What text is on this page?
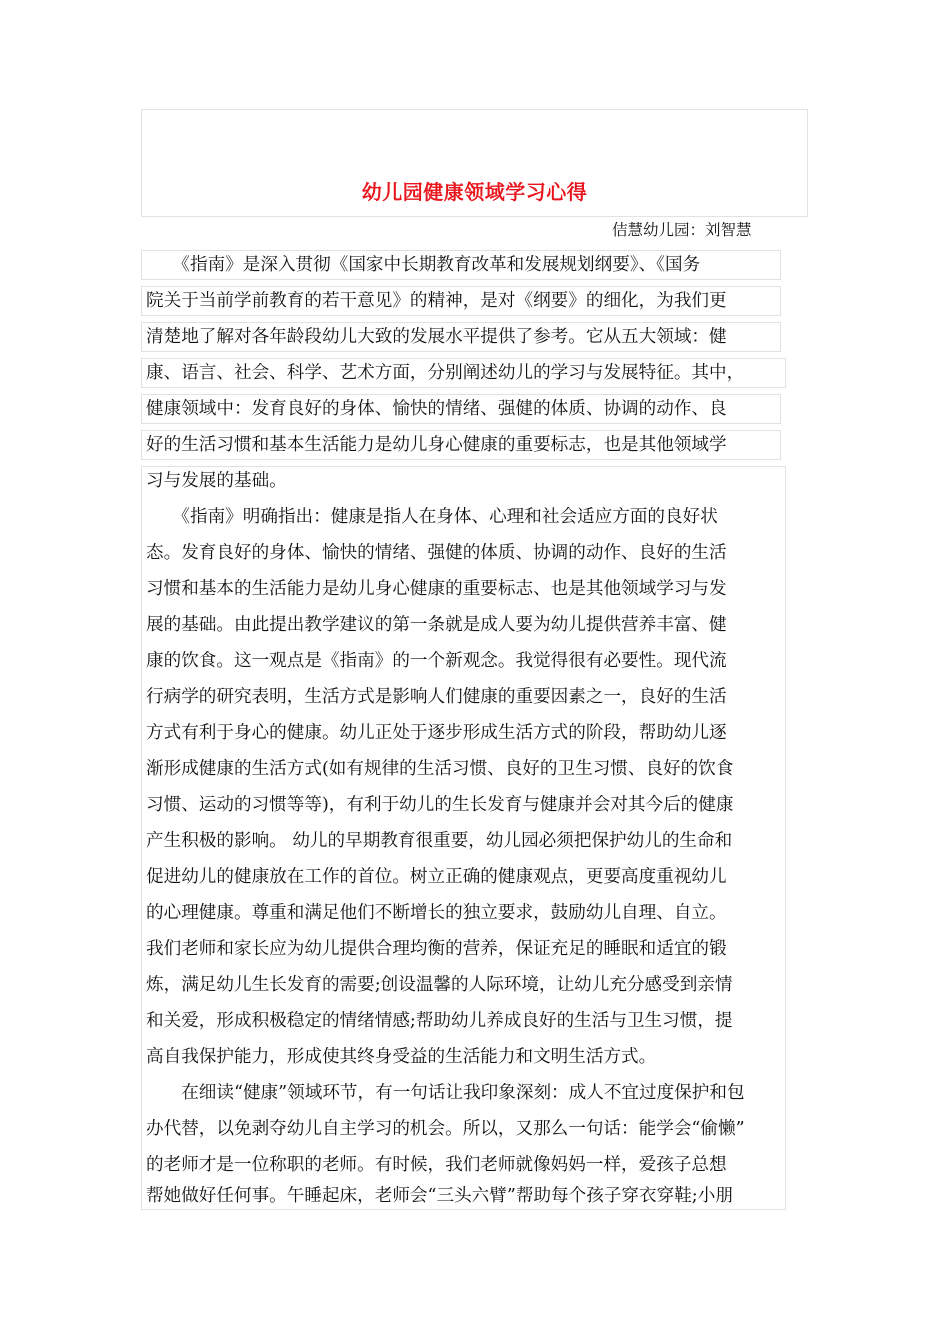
幼儿园健康领域学习心得
佶慧幼儿园：刘智慧
　　《指南》是深入贯彻《国家中长期教育改革和发展规划纲要》、《国务
院关于当前学前教育的若干意见》的精神，是对《纲要》的细化，为我们更
清楚地了解对各年龄段幼儿大致的发展水平提供了参考。它从五大领域：健
康、语言、社会、科学、艺术方面，分别阐述幼儿的学习与发展特征。其中，
健康领域中：发育良好的身体、愉快的情绪、强健的体质、协调的动作、良
好的生活习惯和基本生活能力是幼儿身心健康的重要标志，也是其他领域学
习与发展的基础。
　　《指南》明确指出：健康是指人在身体、心理和社会适应方面的良好状
态。发育良好的身体、愉快的情绪、强健的体质、协调的动作、良好的生活
习惯和基本的生活能力是幼儿身心健康的重要标志、也是其他领域学习与发
展的基础。由此提出教学建议的第一条就是成人要为幼儿提供营养丰富、健
康的饮食。这一观点是《指南》的一个新观念。我觉得很有必要性。现代流
行病学的研究表明，生活方式是影响人们健康的重要因素之一，良好的生活
方式有利于身心的健康。幼儿正处于逐步形成生活方式的阶段，帮助幼儿逐
渐形成健康的生活方式(如有规律的生活习惯、良好的卫生习惯、良好的饮食
习惯、运动的习惯等等)，有利于幼儿的生长发育与健康并会对其今后的健康
产生积极的影响。 幼儿的早期教育很重要，幼儿园必须把保护幼儿的生命和
促进幼儿的健康放在工作的首位。树立正确的健康观点，更要高度重视幼儿
的心理健康。尊重和满足他们不断增长的独立要求，鼓励幼儿自理、自立。
我们老师和家长应为幼儿提供合理均衡的营养，保证充足的睡眠和适宜的锻
炼，满足幼儿生长发育的需要;创设温馨的人际环境，让幼儿充分感受到亲情
和关爱，形成积极稳定的情绪情感;帮助幼儿养成良好的生活与卫生习惯，提
高自我保护能力，形成使其终身受益的生活能力和文明生活方式。
　　在细读“健康”领域环节，有一句话让我印象深刻：成人不宜过度保护和包
办代替，以免剥夺幼儿自主学习的机会。所以，又那么一句话：能学会“偷懒”
的老师才是一位称职的老师。有时候，我们老师就像妈妈一样，爱孩子总想
帮她做好任何事。午睡起床，老师会“三头六臂”帮助每个孩子穿衣穿鞋;小朋
